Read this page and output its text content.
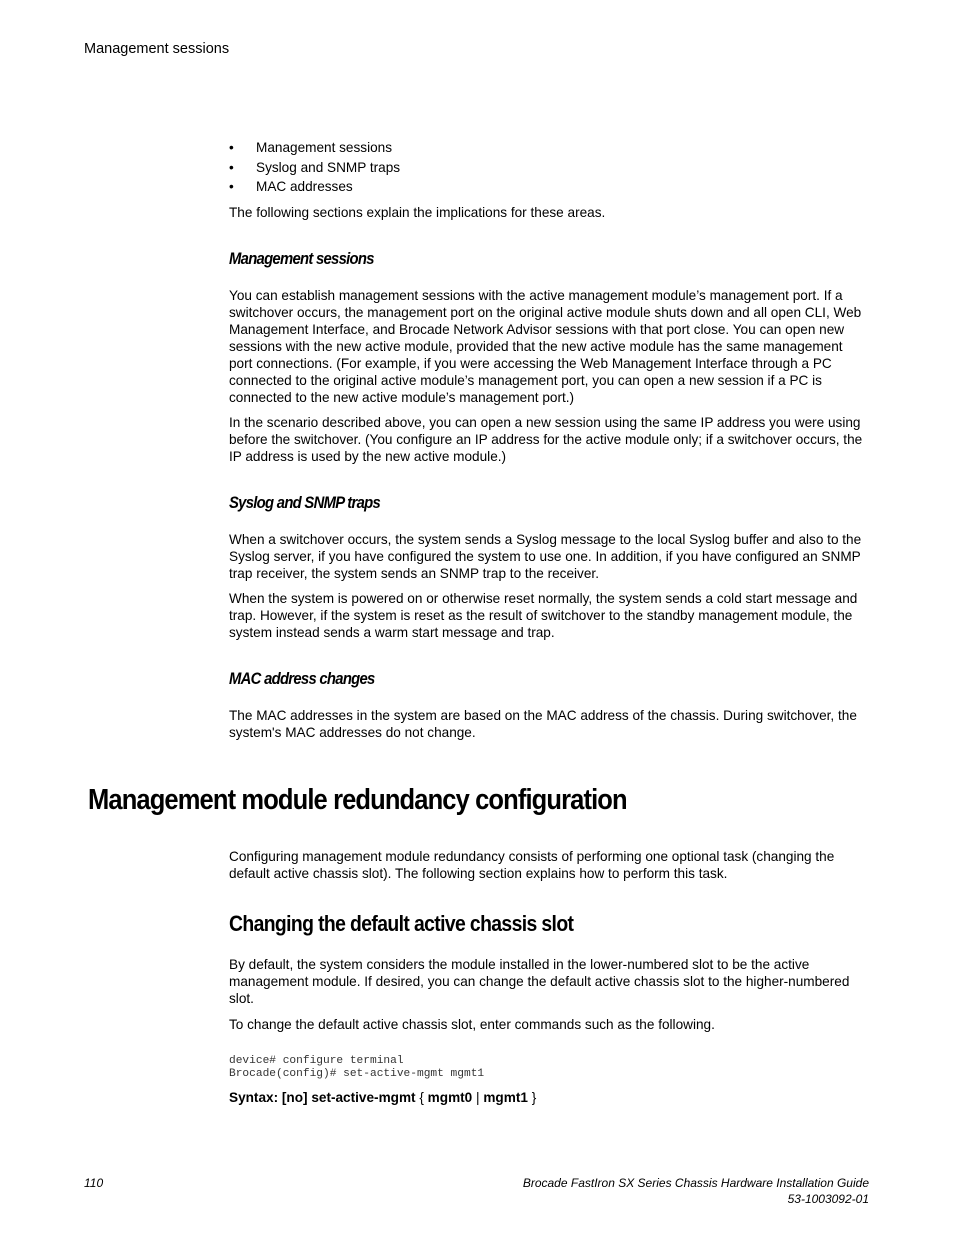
Management sessions
• Management sessions
• Syslog and SNMP traps
• MAC addresses
The following sections explain the implications for these areas.
Management sessions
You can establish management sessions with the active management module’s management port. If a switchover occurs, the management port on the original active module shuts down and all open CLI, Web Management Interface, and Brocade Network Advisor sessions with that port close. You can open new sessions with the new active module, provided that the new active module has the same management port connections. (For example, if you were accessing the Web Management Interface through a PC connected to the original active module’s management port, you can open a new session if a PC is connected to the new active module’s management port.)
In the scenario described above, you can open a new session using the same IP address you were using before the switchover. (You configure an IP address for the active module only; if a switchover occurs, the IP address is used by the new active module.)
Syslog and SNMP traps
When a switchover occurs, the system sends a Syslog message to the local Syslog buffer and also to the Syslog server, if you have configured the system to use one. In addition, if you have configured an SNMP trap receiver, the system sends an SNMP trap to the receiver.
When the system is powered on or otherwise reset normally, the system sends a cold start message and trap. However, if the system is reset as the result of switchover to the standby management module, the system instead sends a warm start message and trap.
MAC address changes
The MAC addresses in the system are based on the MAC address of the chassis. During switchover, the system's MAC addresses do not change.
Management module redundancy configuration
Configuring management module redundancy consists of performing one optional task (changing the default active chassis slot). The following section explains how to perform this task.
Changing the default active chassis slot
By default, the system considers the module installed in the lower-numbered slot to be the active management module. If desired, you can change the default active chassis slot to the higher-numbered slot.
To change the default active chassis slot, enter commands such as the following.
device# configure terminal
Brocade(config)# set-active-mgmt mgmt1
Syntax: [no] set-active-mgmt { mgmt0 | mgmt1 }
110	Brocade FastIron SX Series Chassis Hardware Installation Guide
53-1003092-01
